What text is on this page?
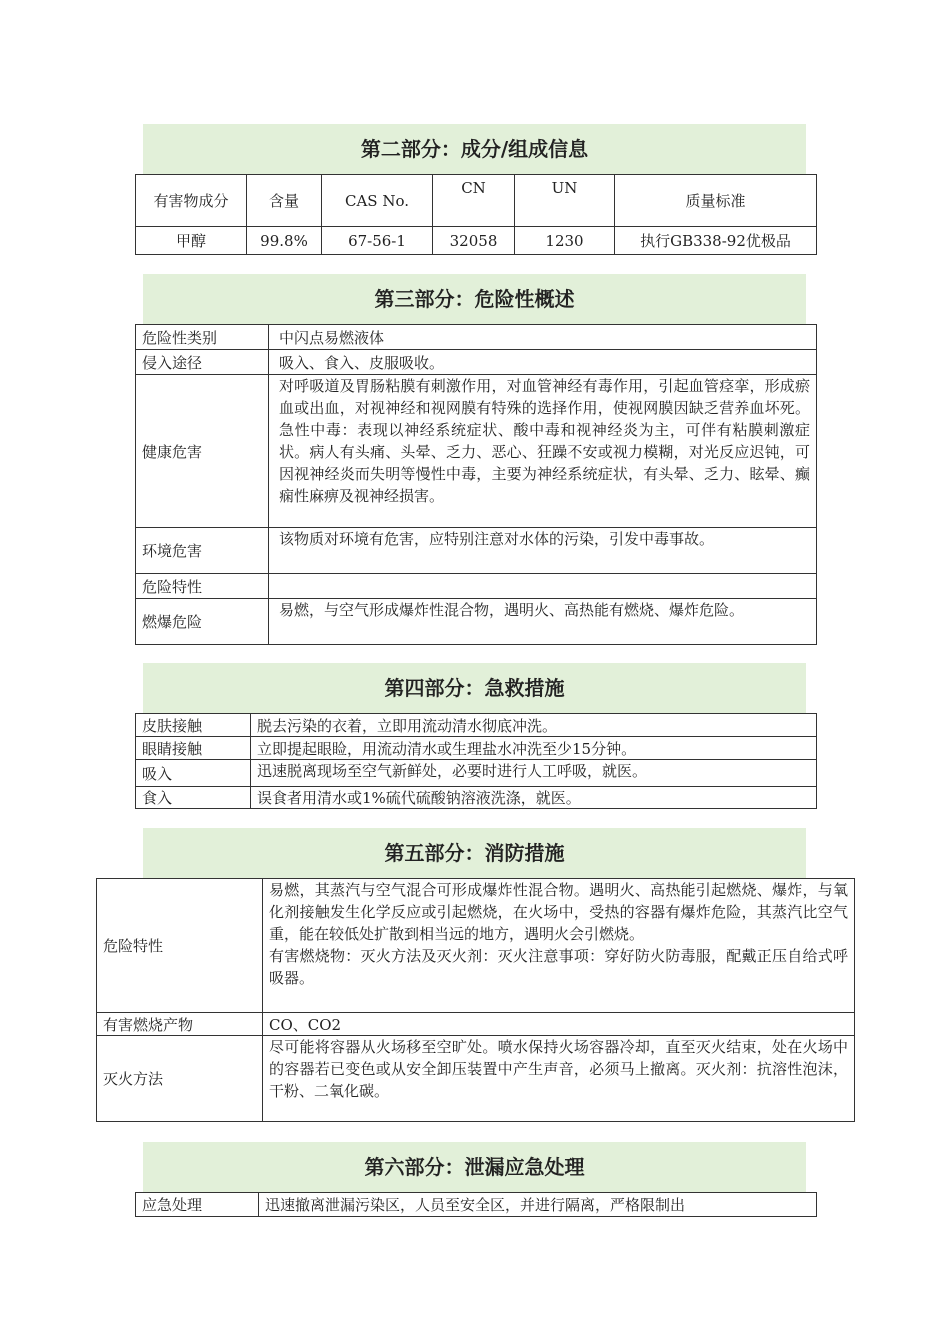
第二部分：成分/组成信息
有害物成分	含量	CAS No.	CN	UN	质量标准
甲醇	99.8%	67-56-1	32058	1230	执行GB338-92优极品
第三部分：危险性概述
危险性类别	中闪点易燃液体
侵入途径	吸入、食入、皮服吸收。
健康危害	对呼吸道及胃肠粘膜有刺激作用，对血管神经有毒作用，引起血管痉挛，形成瘀血或出血，对视神经和视网膜有特殊的选择作用，使视网膜因缺乏营养血坏死。急性中毒：表现以神经系统症状、酸中毒和视神经炎为主，可伴有粘膜刺激症状。病人有头痛、头晕、乏力、恶心、狂躁不安或视力模糊，对光反应迟钝，可因视神经炎而失明等慢性中毒，主要为神经系统症状，有头晕、乏力、眩晕、癫痫性麻痹及视神经损害。
环境危害	该物质对环境有危害，应特别注意对水体的污染，引发中毒事故。
危险特性	
燃爆危险	易燃，与空气形成爆炸性混合物，遇明火、高热能有燃烧、爆炸危险。
第四部分：急救措施
皮肤接触	脱去污染的衣着，立即用流动清水彻底冲洗。
眼睛接触	立即提起眼睑，用流动清水或生理盐水冲洗至少15分钟。
吸入	迅速脱离现场至空气新鲜处，必要时进行人工呼吸，就医。
食入	误食者用清水或1%硫代硫酸钠溶液洗涤，就医。
第五部分：消防措施
危险特性	易燃，其蒸汽与空气混合可形成爆炸性混合物。遇明火、高热能引起燃烧、爆炸，与氧化剂接触发生化学反应或引起燃烧，在火场中，受热的容器有爆炸危险，其蒸汽比空气重，能在较低处扩散到相当远的地方，遇明火会引燃烧。
有害燃烧物：灭火方法及灭火剂：灭火注意事项：穿好防火防毒服，配戴正压自给式呼吸器。

有害燃烧产物	CO、CO2
灭火方法	尽可能将容器从火场移至空旷处。喷水保持火场容器冷却，直至灭火结束，处在火场中的容器若已变色或从安全卸压装置中产生声音，必须马上撤离。灭火剂：抗溶性泡沫，干粉、二氧化碳。
第六部分：泄漏应急处理
应急处理	迅速撤离泄漏污染区，人员至安全区，并进行隔离，严格限制出
